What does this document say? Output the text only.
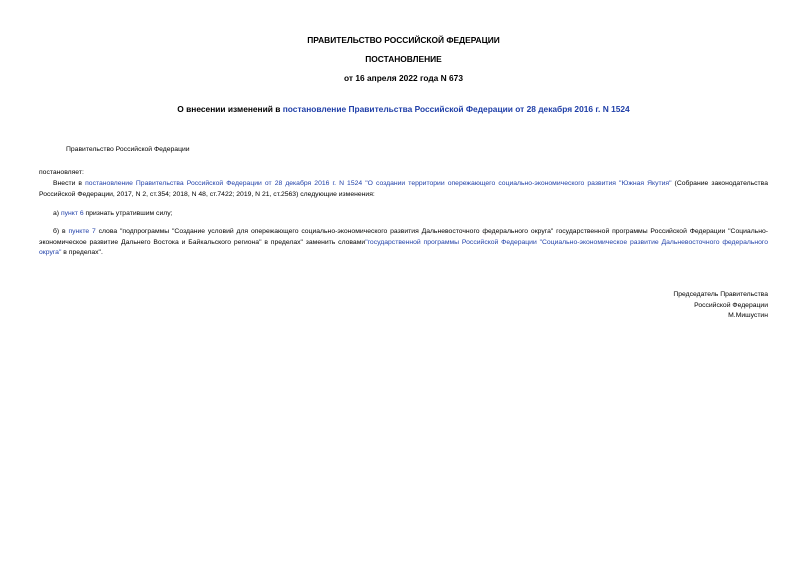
ПРАВИТЕЛЬСТВО РОССИЙСКОЙ ФЕДЕРАЦИИ
ПОСТАНОВЛЕНИЕ
от 16 апреля 2022 года N 673
О внесении изменений в постановление Правительства Российской Федерации от 28 декабря 2016 г. N 1524
Правительство Российской Федерации
постановляет:
Внести в постановление Правительства Российской Федерации от 28 декабря 2016 г. N 1524 "О создании территории опережающего социально-экономического развития "Южная Якутия" (Собрание законодательства Российской Федерации, 2017, N 2, ст.354; 2018, N 48, ст.7422; 2019, N 21, ст.2563) следующие изменения:
а) пункт 6 признать утратившим силу;
б) в пункте 7 слова "подпрограммы "Создание условий для опережающего социально-экономического развития Дальневосточного федерального округа" государственной программы Российской Федерации "Социально-экономическое развитие Дальнего Востока и Байкальского региона" в пределах" заменить словами"государственной программы Российской Федерации "Социально-экономическое развитие Дальневосточного федерального округа" в пределах".
Председатель Правительства
Российской Федерации
М.Мишустин
